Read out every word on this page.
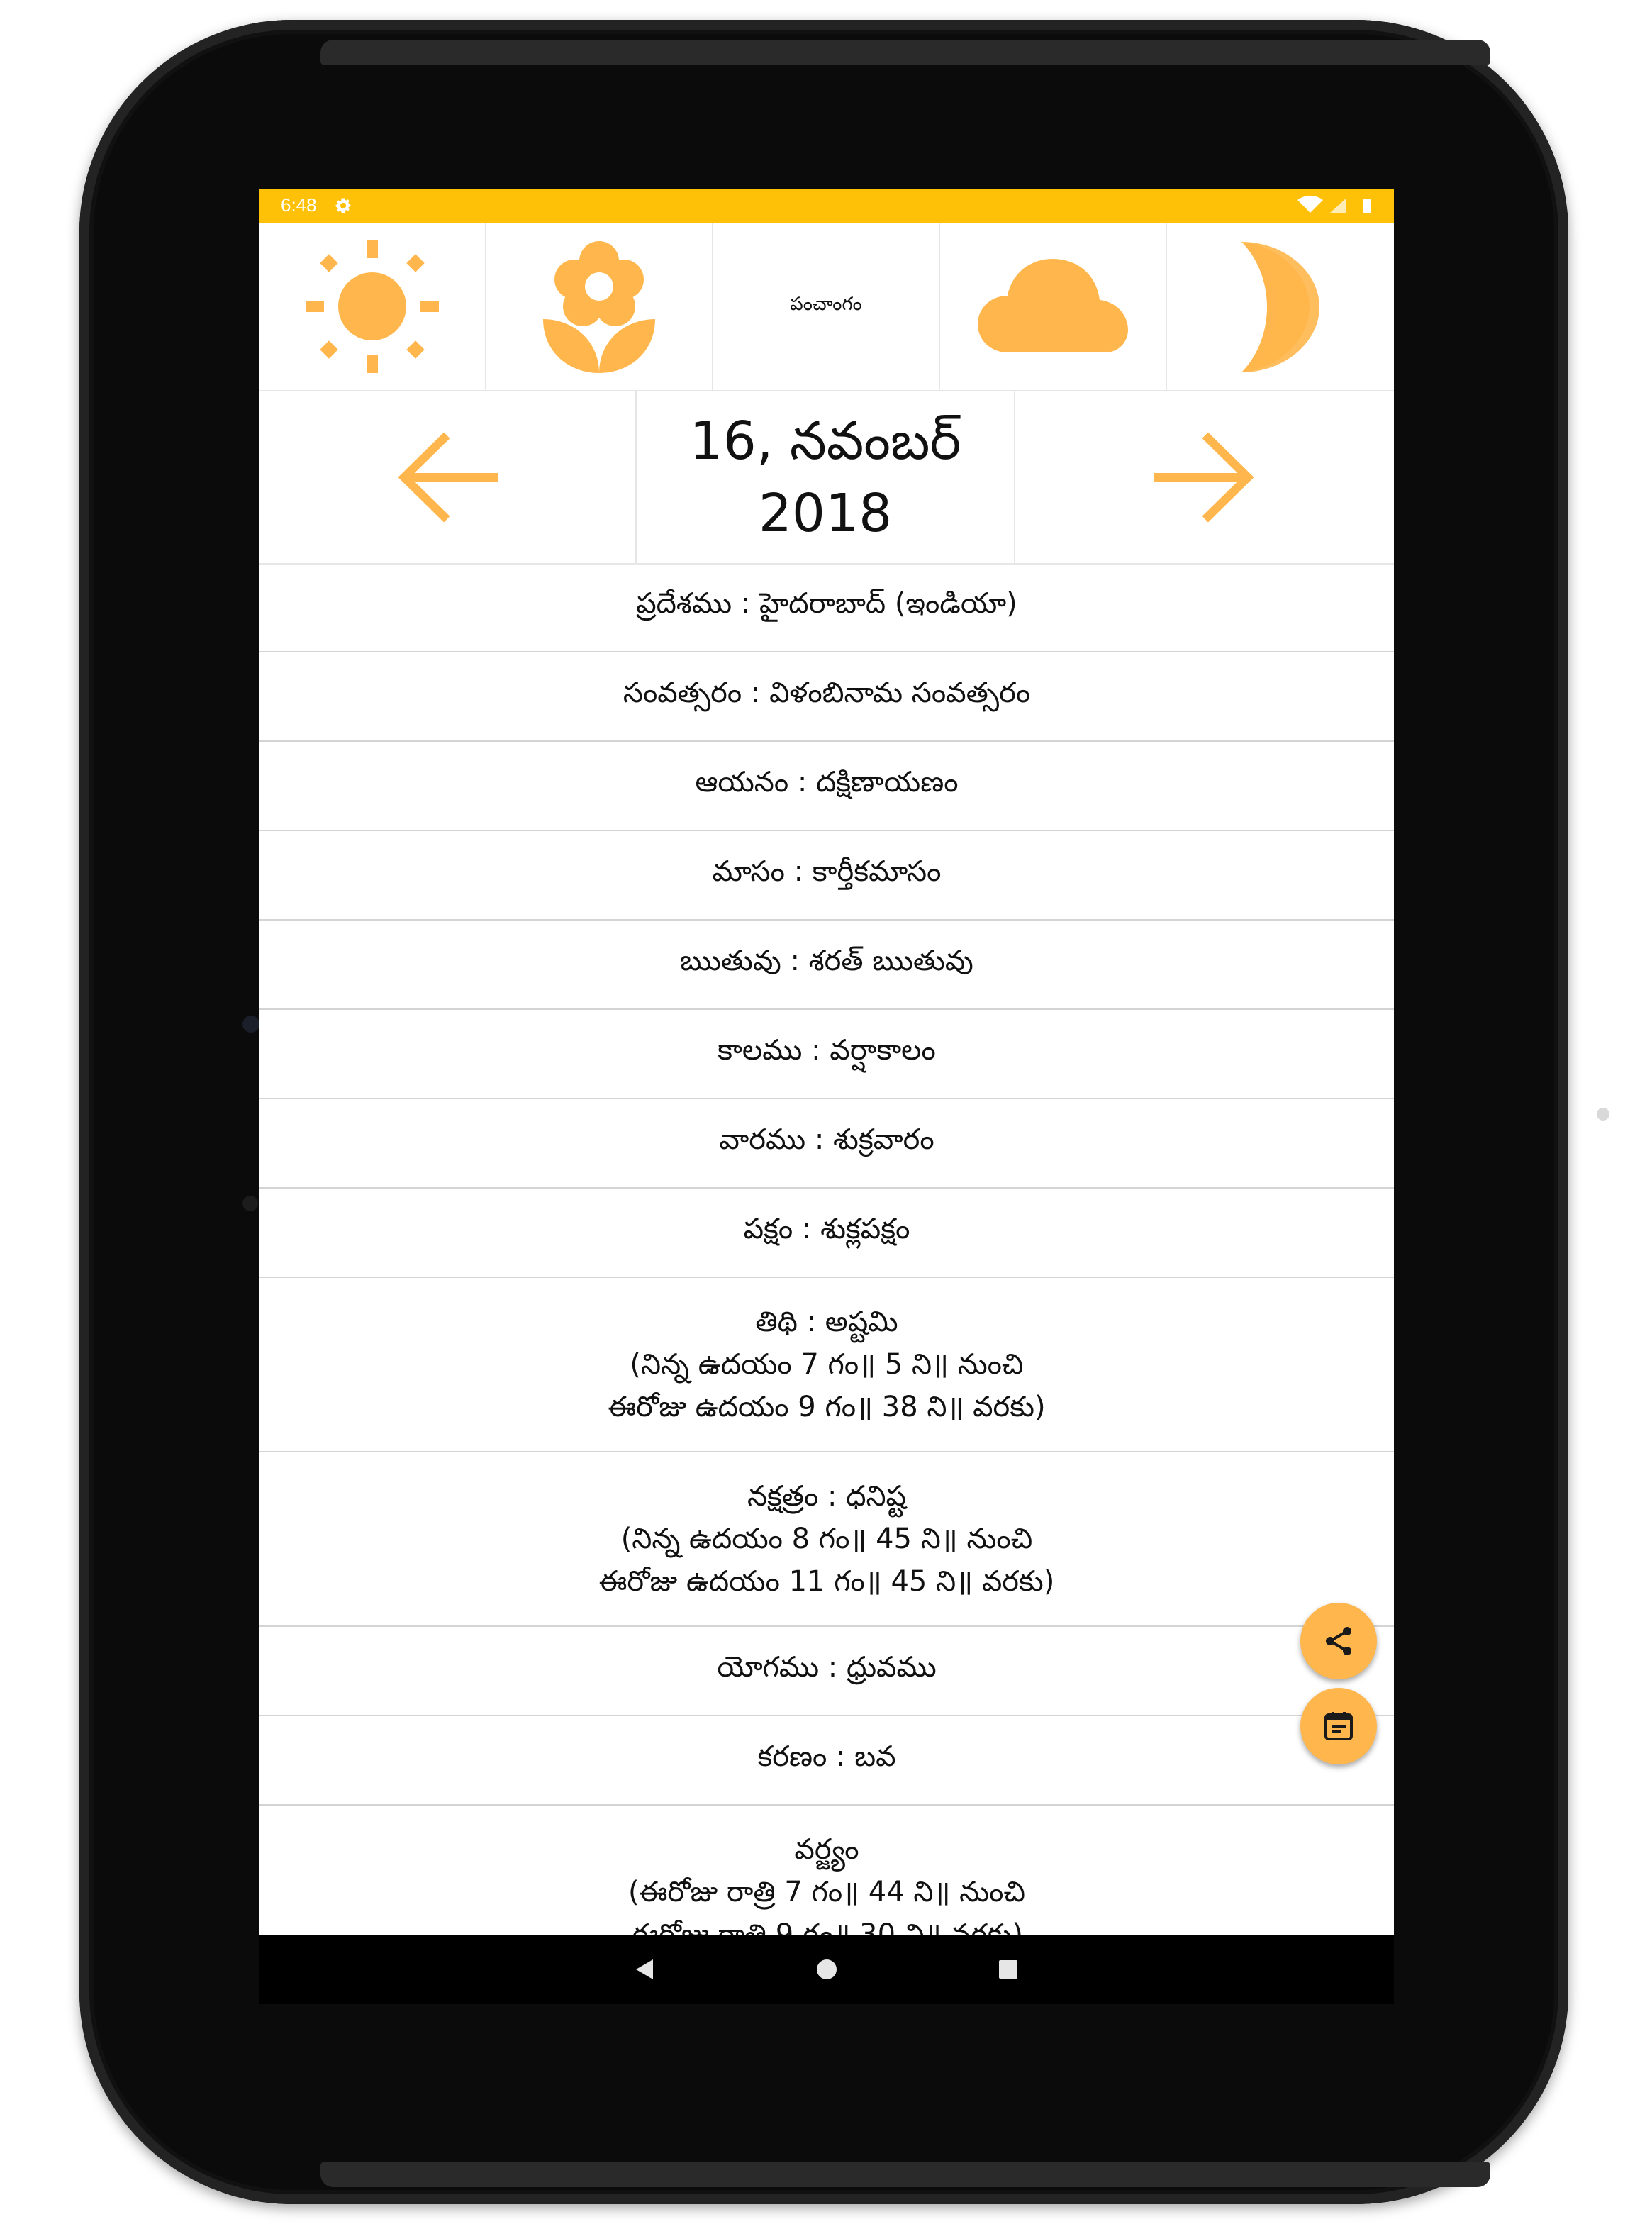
6:48
పంచాంగం
16, నవంబర్
2018
ప్రదేశము : హైదరాబాద్ (ఇండియా)
సంవత్సరం : విళంబినామ సంవత్సరం
ఆయనం : దక్షిణాయణం
మాసం : కార్తీకమాసం
ఋతువు : శరత్ ఋతువు
కాలము : వర్షాకాలం
వారము : శుక్రవారం
పక్షం : శుక్లపక్షం
తిథి : అష్టమి
(నిన్న ఉదయం 7 గం॥ 5 ని॥ నుంచి
ఈరోజు ఉదయం 9 గం॥ 38 ని॥ వరకు)
నక్షత్రం : ధనిష్ట
(నిన్న ఉదయం 8 గం॥ 45 ని॥ నుంచి
ఈరోజు ఉదయం 11 గం॥ 45 ని॥ వరకు)
యోగము : ధ్రువము
కరణం : బవ
వర్జ్యం
(ఈరోజు రాత్రి 7 గం॥ 44 ని॥ నుంచి
